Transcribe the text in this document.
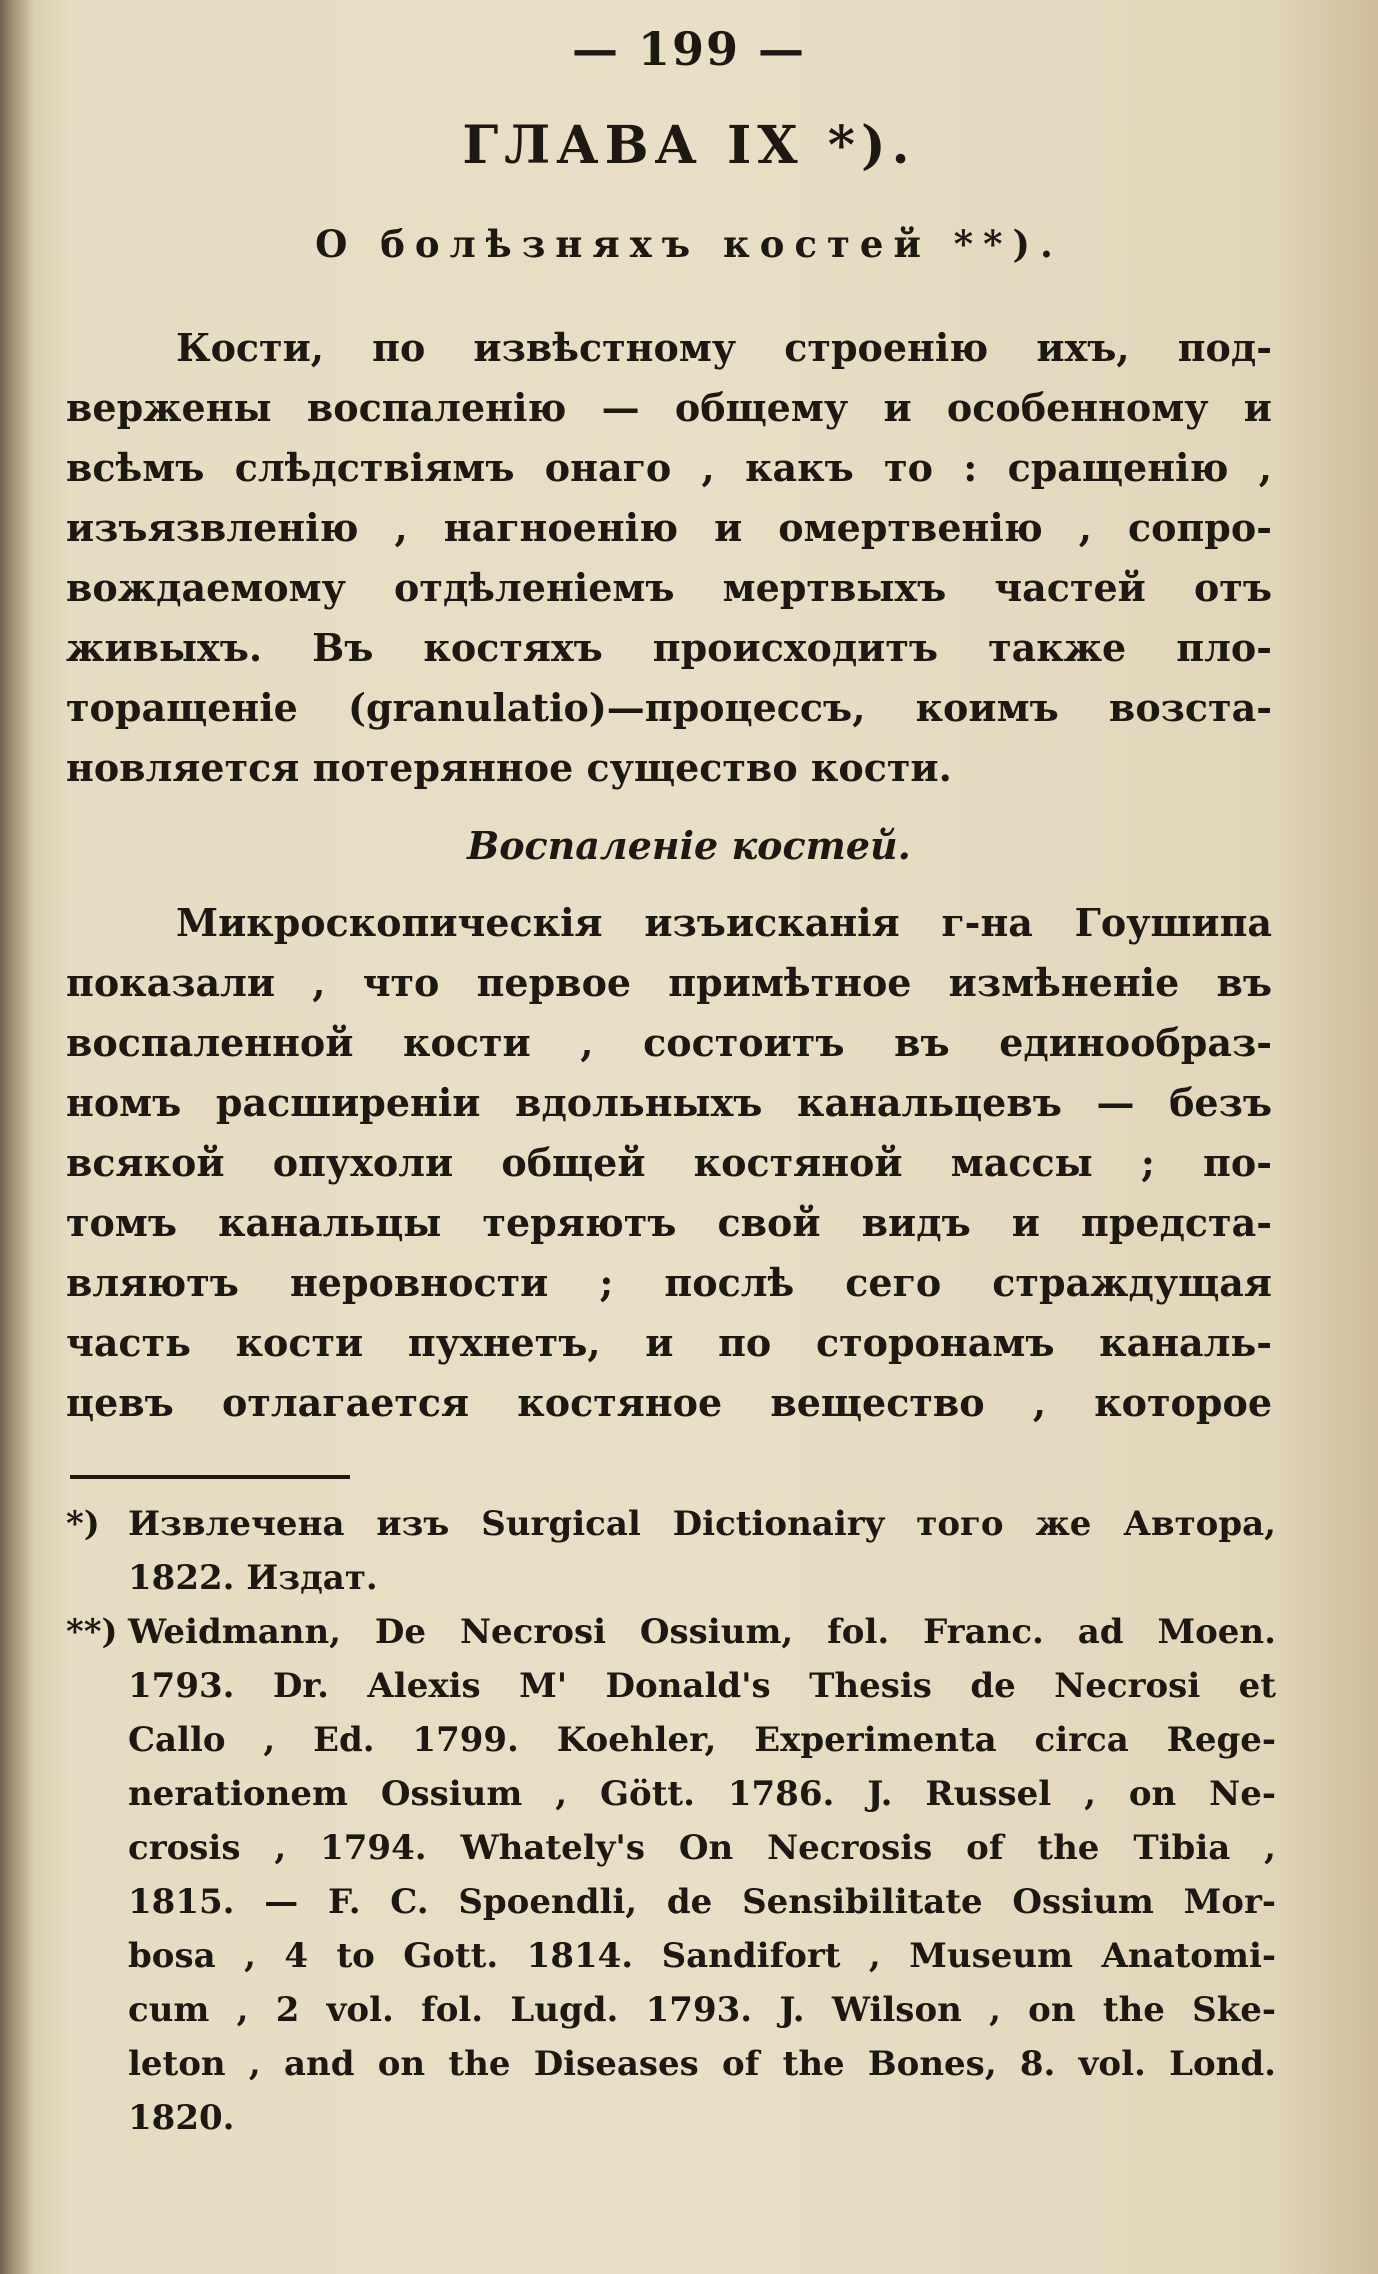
— 199 —
ГЛАВА IX *).
О болѣзняхъ костей **).
Кости, по извѣстному строенію ихъ, под-
вержены воспаленію — общему и особенному и
всѣмъ слѣдствіямъ онаго , какъ то : сращенію ,
изъязвленію , нагноенію и омертвенію , сопро-
вождаемому отдѣленіемъ мертвыхъ частей отъ
живыхъ. Въ костяхъ происходитъ также пло-
тоpащеніе (granulatio)—процессъ, коимъ возста-
новляется потерянное существо кости.
Воспаленіе костей.
Микроскопическія изъисканія г-на Гоушипа
показали , что первое примѣтное измѣненіе въ
воспаленной кости , состоитъ въ единообраз-
номъ расширеніи вдольныхъ канальцевъ — безъ
всякой опухоли общей костяной массы ; по-
томъ канальцы теряютъ свой видъ и предста-
вляютъ неровности ; послѣ сего страждущая
часть кости пухнетъ, и по сторонамъ каналь-
цевъ отлагается костяное вещество , которое
*) Извлечена изъ Surgical Dictionairy того же Автора,
1822. Издат.
**) Weidmann, De Necrosi Ossium, fol. Franc. ad Moen.
1793. Dr. Alexis M' Donald's Thesis de Necrosi et
Callo , Ed. 1799. Koehler, Experimenta circa Rege-
nerationem Ossium , Gött. 1786. J. Russel , on Ne-
crosis , 1794. Whately's On Necrosis of the Tibia ,
1815. — F. C. Spoendli, de Sensibilitate Ossium Mor-
bosa , 4 to Gott. 1814. Sandifort , Museum Anatomi-
cum , 2 vol. fol. Lugd. 1793. J. Wilson , on the Ske-
leton , and on the Diseases of the Bones, 8. vol. Lond.
1820.
